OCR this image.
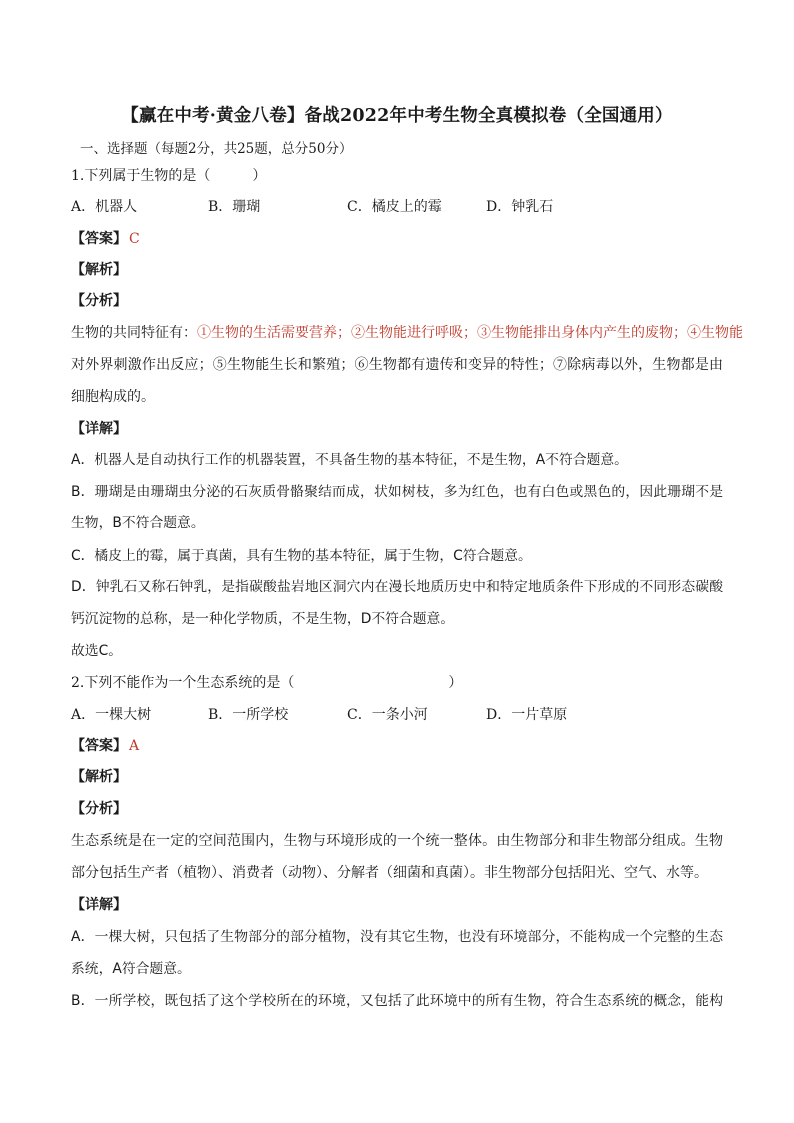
【赢在中考·黄金八卷】备战2022年中考生物全真模拟卷（全国通用）
一、选择题（每题2分，共25题，总分50分）
1.下列属于生物的是（　　　）
A．机器人	B．珊瑚	C．橘皮上的霉	D．钟乳石
【答案】 C
【解析】
【分析】
生物的共同特征有：①生物的生活需要营养；②生物能进行呼吸；③生物能排出身体内产生的废物；④生物能
对外界刺激作出反应；⑤生物能生长和繁殖；⑥生物都有遗传和变异的特性；⑦除病毒以外，生物都是由
细胞构成的。
【详解】
A．机器人是自动执行工作的机器装置，不具备生物的基本特征，不是生物，A不符合题意。
B．珊瑚是由珊瑚虫分泌的石灰质骨骼聚结而成，状如树枝，多为红色，也有白色或黑色的，因此珊瑚不是
生物，B不符合题意。
C．橘皮上的霉，属于真菌，具有生物的基本特征，属于生物，C符合题意。
D．钟乳石又称石钟乳，是指碳酸盐岩地区洞穴内在漫长地质历史中和特定地质条件下形成的不同形态碳酸
钙沉淀物的总称，是一种化学物质，不是生物，D不符合题意。
故选C。
2.下列不能作为一个生态系统的是（　　　　　　　　　　　）
A．一棵大树	B．一所学校	C．一条小河	D．一片草原
【答案】 A
【解析】
【分析】
生态系统是在一定的空间范围内，生物与环境形成的一个统一整体。由生物部分和非生物部分组成。生物
部分包括生产者（植物）、消费者（动物）、分解者（细菌和真菌）。非生物部分包括阳光、空气、水等。
【详解】
A．一棵大树，只包括了生物部分的部分植物，没有其它生物，也没有环境部分，不能构成一个完整的生态
系统，A符合题意。
B．一所学校，既包括了这个学校所在的环境，又包括了此环境中的所有生物，符合生态系统的概念，能构
